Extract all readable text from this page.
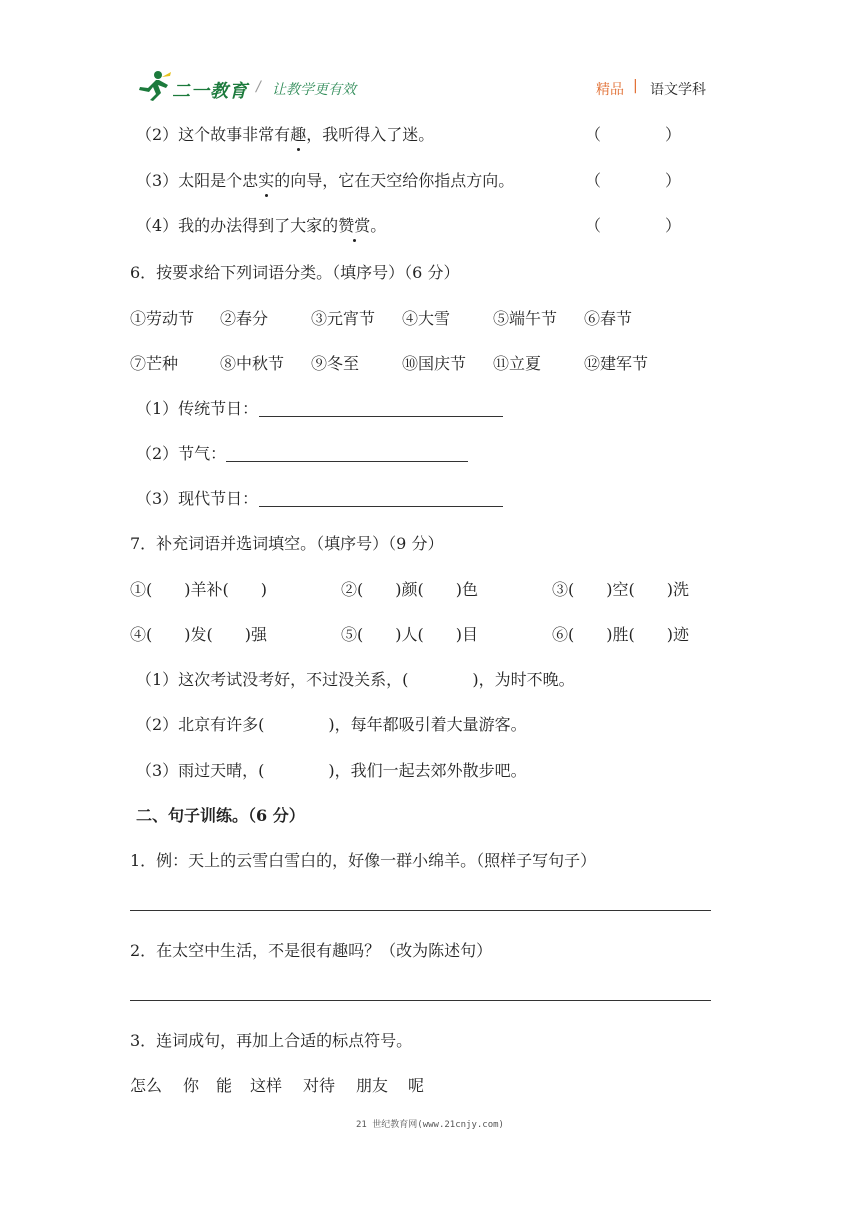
二一教育 / 让教学更有效	精品 | 语文学科
（2）这个故事非常有趣，我听得入了迷。	（　　　　）
（3）太阳是个忠实的向导，它在天空给你指点方向。	（　　　　）
（4）我的办法得到了大家的赞赏。	（　　　　）
6．按要求给下列词语分类。（填序号）（6 分）
①劳动节 ②春分	③元宵节 ④大雪	⑤端午节 ⑥春节
⑦芒种	⑧中秋节 ⑨冬至	⑩国庆节 ⑪立夏	⑫建军节
（1）传统节日：
（2）节气：
（3）现代节日：
7．补充词语并选词填空。（填序号）（9 分）
①(　　)羊补(　　)	②(　　)颜(　　)色	③(　　)空(　　)洗
④(　　)发(　　)强	⑤(　　)人(　　)目	⑥(　　)胜(　　)迹
（1）这次考试没考好，不过没关系，(　　　　)，为时不晚。
（2）北京有许多(　　　　)，每年都吸引着大量游客。
（3）雨过天晴，(　　　　)，我们一起去郊外散步吧。
二、句子训练。（6 分）
1．例：天上的云雪白雪白的，好像一群小绵羊。（照样子写句子）
2．在太空中生活，不是很有趣吗？（改为陈述句）
3．连词成句，再加上合适的标点符号。
怎么 你 能 这样 对待 朋友 呢
21 世纪教育网(www.21cnjy.com)
